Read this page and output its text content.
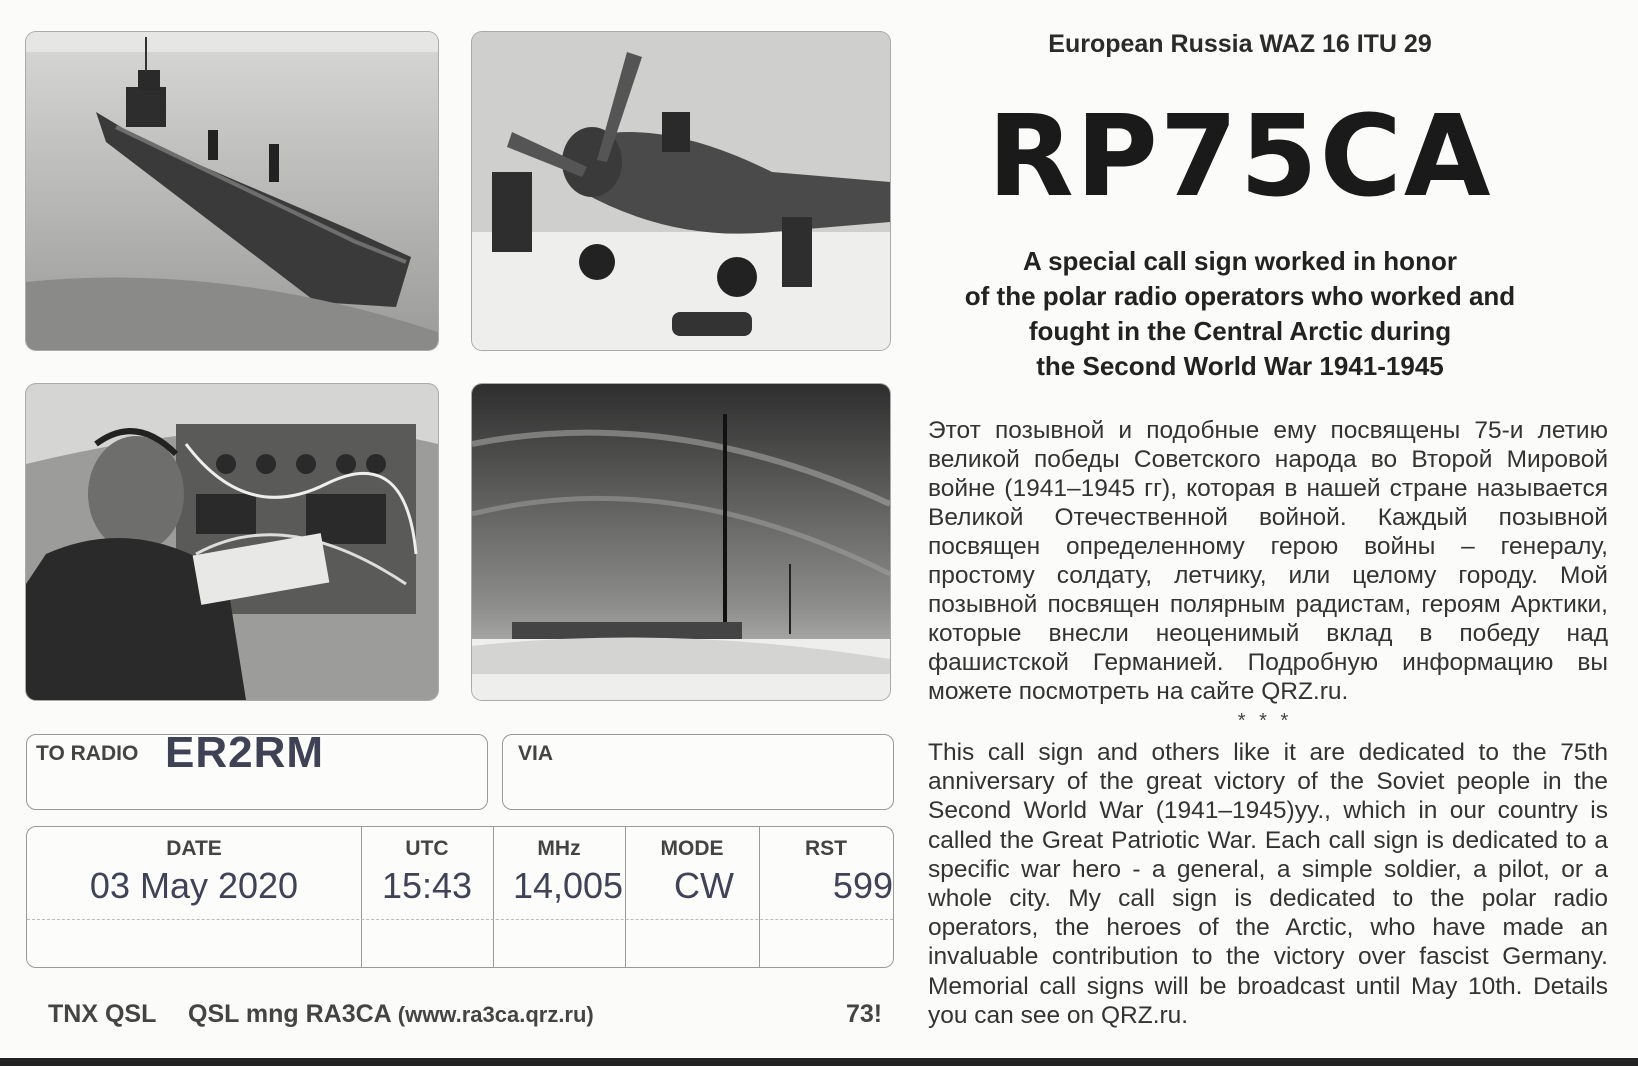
European Russia WAZ 16 ITU 29
RP75CA
A special call sign worked in honor
of the polar radio operators who worked and
fought in the Central Arctic during
the Second World War 1941-1945
Этот позывной и подобные ему посвящены 75-и летию великой победы Советского народа во Второй Мировой войне (1941–1945 гг), которая в нашей стране называется Великой Отечественной войной. Каждый позывной посвящен определенному герою войны – генералу, простому солдату, летчику, или целому городу. Мой позывной посвящен полярным радистам, героям Арктики, которые внесли неоценимый вклад в победу над фашистской Германией. Подробную информацию вы можете посмотреть на сайте QRZ.ru.
* * *
This call sign and others like it are dedicated to the 75th anniversary of the great victory of the Soviet people in the Second World War (1941–1945)yy., which in our country is called the Great Patriotic War. Each call sign is dedicated to a specific war hero - a general, a simple soldier, a pilot, or a whole city. My call sign is dedicated to the polar radio operators, the heroes of the Arctic, who have made an invaluable contribution to the victory over fascist Germany. Memorial call signs will be broadcast until May 10th. Details you can see on QRZ.ru.
TO RADIO ER2RM	VIA
DATE	UTC	MHz	MODE	RST
03 May 2020	15:43	14,005	CW	599
TNX QSL QSL mng RA3CA (www.ra3ca.qrz.ru)	73!
